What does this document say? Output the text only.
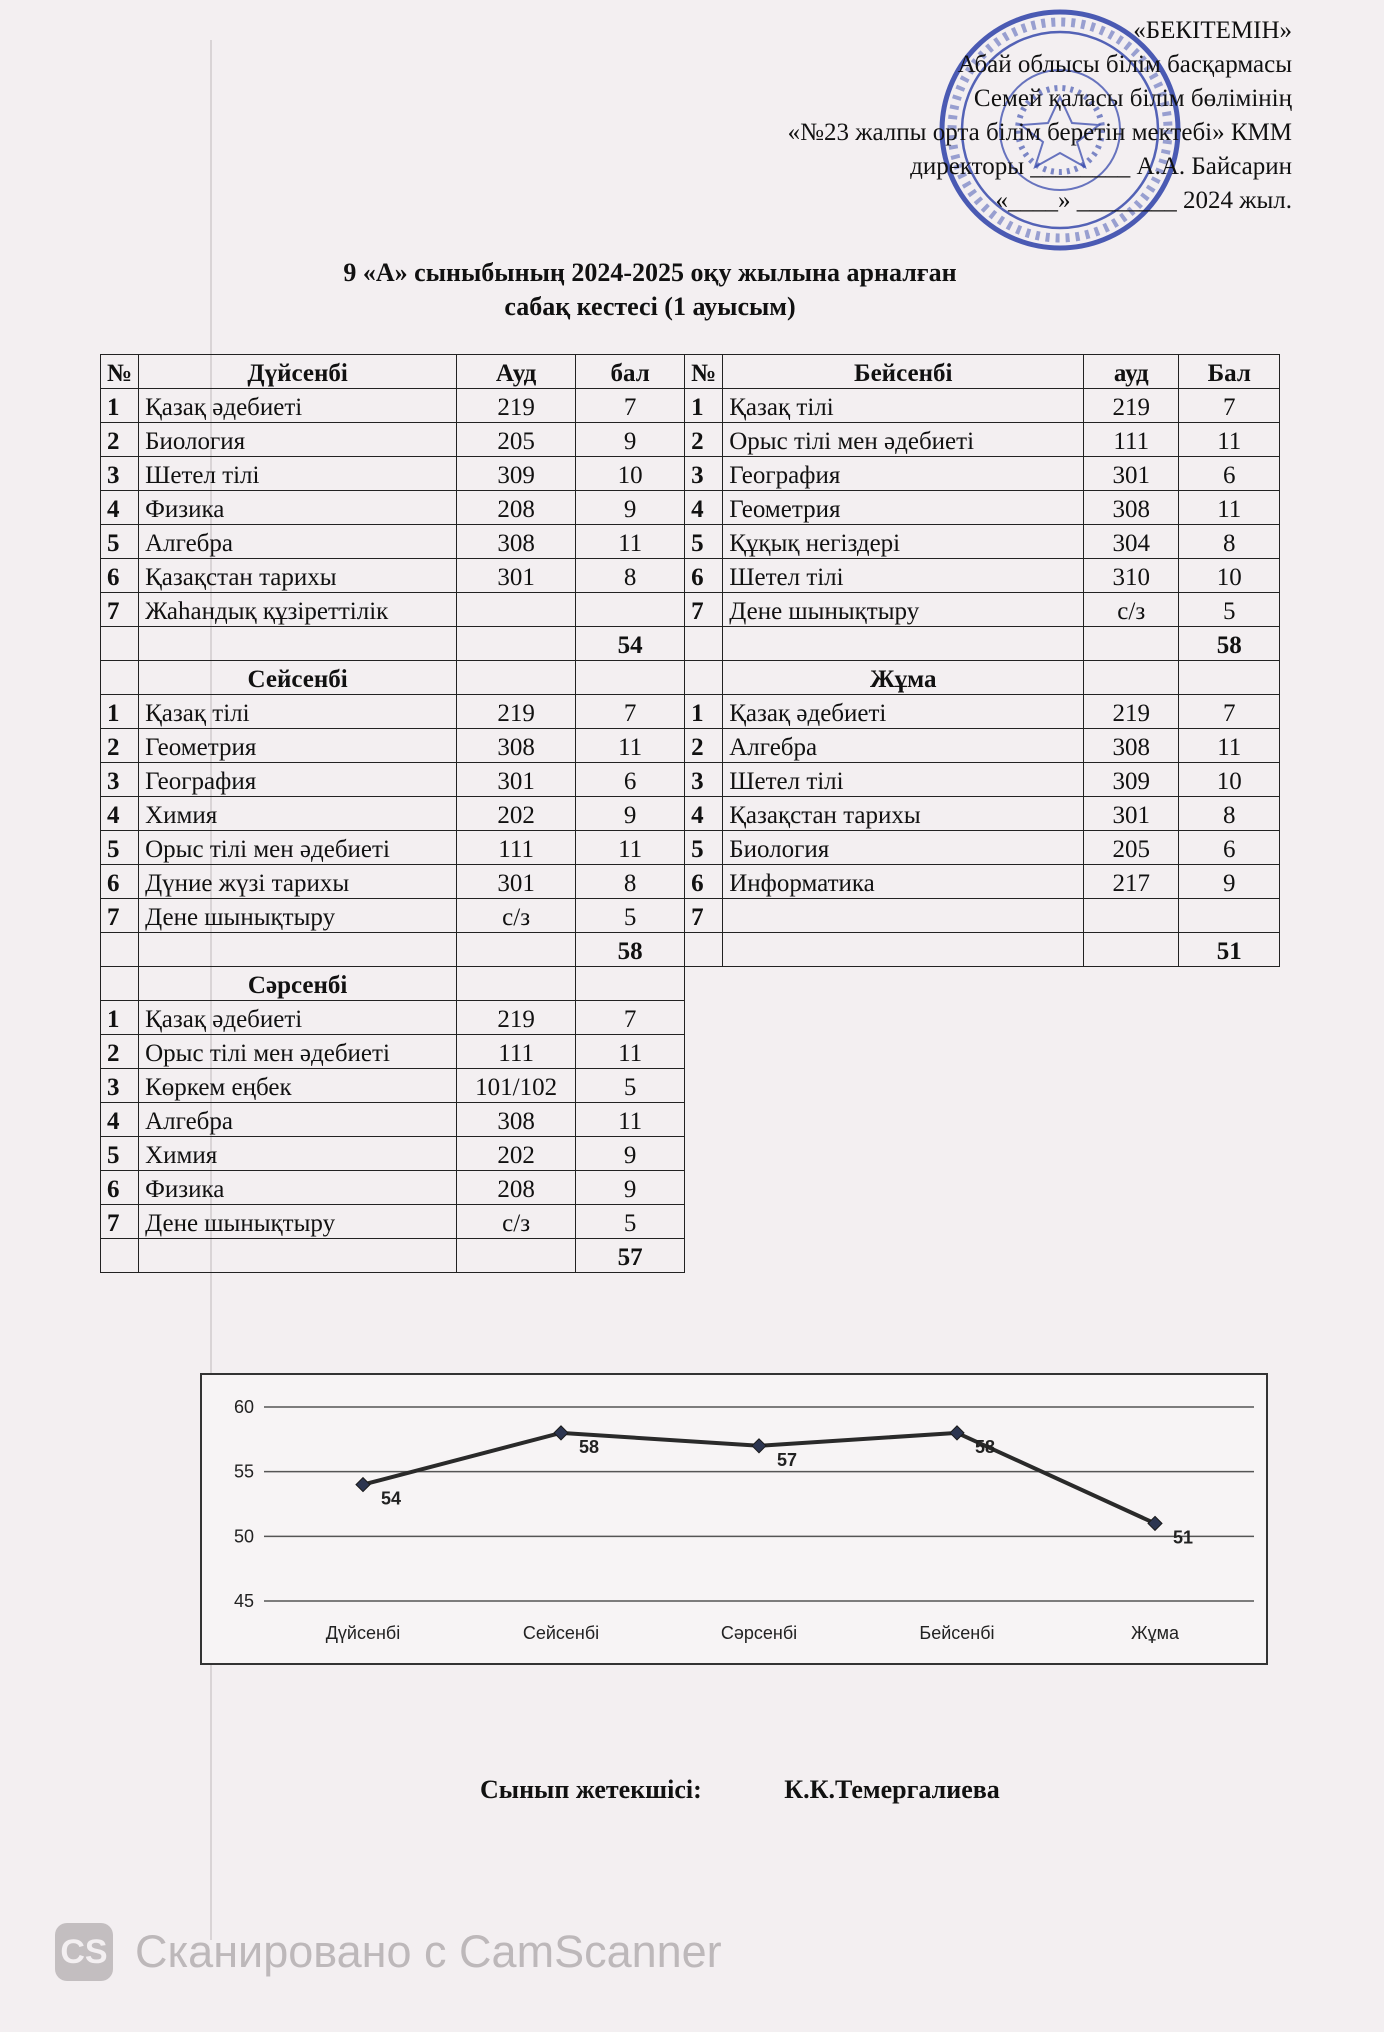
«БЕКІТЕМІН»
Абай облысы білім басқармасы
Семей қаласы білім бөлімінің
«№23 жалпы орта білім беретін мектебі» КММ
директоры ________ А.А. Байсарин
«____» ________ 2024 жыл.
9 «А» сыныбының 2024-2025 оқу жылына арналған
сабақ кестесі (1 ауысым)
№	Дүйсенбі	Ауд	бал	№	Бейсенбі	ауд	Бал
1	Қазақ әдебиеті	219	7	1	Қазақ тілі	219	7
2	Биология	205	9	2	Орыс тілі мен әдебиеті	111	11
3	Шетел тілі	309	10	3	География	301	6
4	Физика	208	9	4	Геометрия	308	11
5	Алгебра	308	11	5	Құқық негіздері	304	8
6	Қазақстан тарихы	301	8	6	Шетел тілі	310	10
7	Жаһандық құзіреттілік			7	Дене шынықтыру	с/з	5
			54				58
	Сейсенбі				Жұма		
1	Қазақ тілі	219	7	1	Қазақ әдебиеті	219	7
2	Геометрия	308	11	2	Алгебра	308	11
3	География	301	6	3	Шетел тілі	309	10
4	Химия	202	9	4	Қазақстан тарихы	301	8
5	Орыс тілі мен әдебиеті	111	11	5	Биология	205	6
6	Дүние жүзі тарихы	301	8	6	Информатика	217	9
7	Дене шынықтыру	с/з	5	7			
			58				51
	Сәрсенбі						
1	Қазақ әдебиеті	219	7				
2	Орыс тілі мен әдебиеті	111	11				
3	Көркем еңбек	101/102	5				
4	Алгебра	308	11				
5	Химия	202	9				
6	Физика	208	9				
7	Дене шынықтыру	с/з	5				
			57				
45
50
55
60
Дүйсенбі	Сейсенбі	Сәрсенбі	Бейсенбі	Жұма
54
58
57
58
51
Сынып жетекшісі:	К.К.Темергалиева
CS Сканировано с CamScanner
